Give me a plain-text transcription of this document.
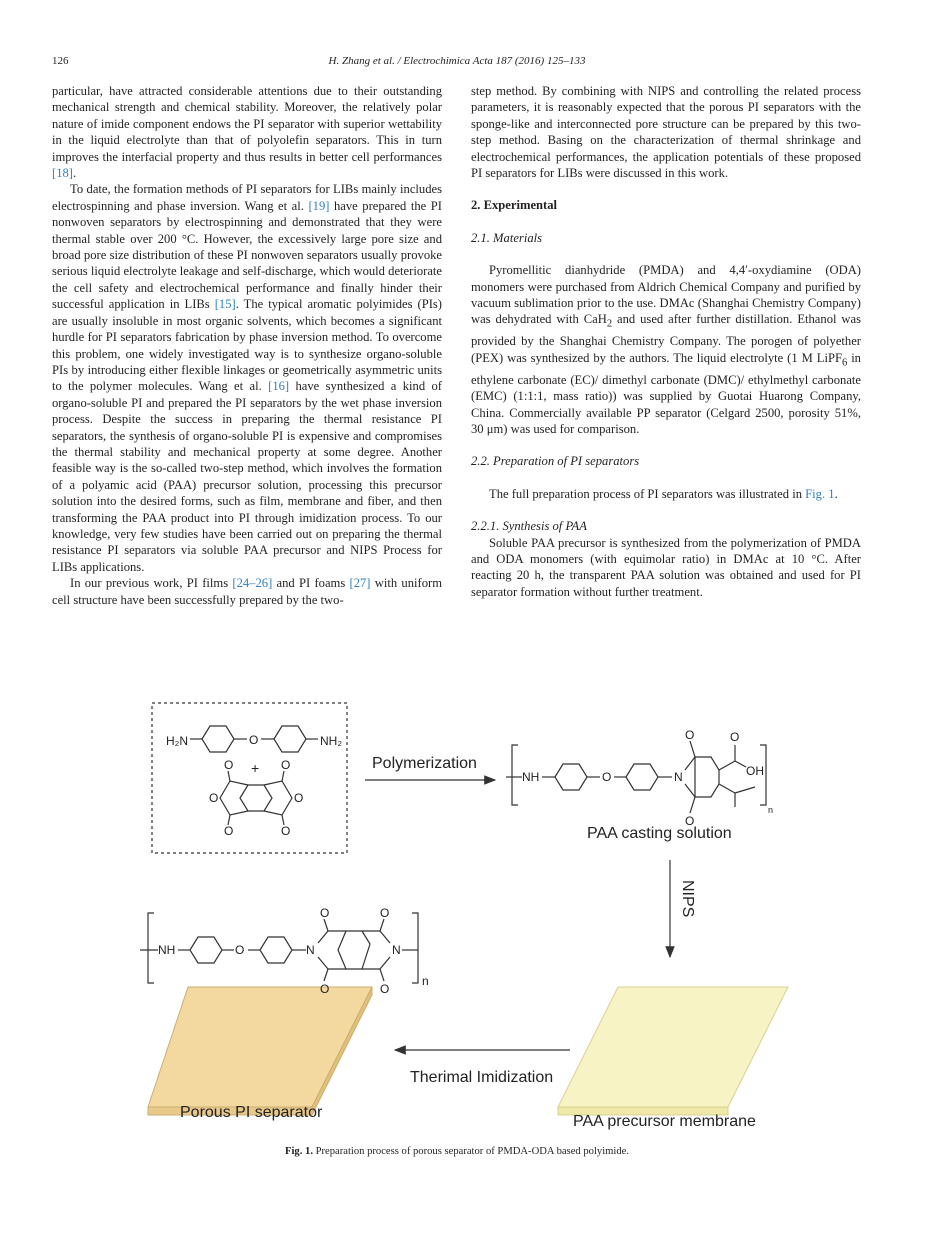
126	H. Zhang et al. / Electrochimica Acta 187 (2016) 125–133

particular, have attracted considerable attentions due to their outstanding mechanical strength and chemical stability. Moreover, the relatively polar nature of imide component endows the PI separator with superior wettability in the liquid electrolyte than that of polyolefin separators. This in turn improves the interfacial property and thus results in better cell performances [18].

To date, the formation methods of PI separators for LIBs mainly includes electrospinning and phase inversion. Wang et al. [19] have prepared the PI nonwoven separators by electrospinning and demonstrated that they were thermal stable over 200 °C. However, the excessively large pore size and broad pore size distribution of these PI nonwoven separators usually provoke serious liquid electrolyte leakage and self-discharge, which would deteriorate the cell safety and electrochemical performance and finally hinder their successful application in LIBs [15]. The typical aromatic polyimides (PIs) are usually insoluble in most organic solvents, which becomes a significant hurdle for PI separators fabrication by phase inversion method. To overcome this problem, one widely investigated way is to synthesize organo-soluble PIs by introducing either flexible linkages or geometrically asymmetric units to the polymer molecules. Wang et al. [16] have synthesized a kind of organo-soluble PI and prepared the PI separators by the wet phase inversion process. Despite the success in preparing the thermal resistance PI separators, the synthesis of organo-soluble PI is expensive and compromises the thermal stability and mechanical property at some degree. Another feasible way is the so-called two-step method, which involves the formation of a polyamic acid (PAA) precursor solution, processing this precursor solution into the desired forms, such as film, membrane and fiber, and then transforming the PAA product into PI through imidization process. To our knowledge, very few studies have been carried out on preparing the thermal resistance PI separators via soluble PAA precursor and NIPS Process for LIBs applications.

In our previous work, PI films [24–26] and PI foams [27] with uniform cell structure have been successfully prepared by the two-

step method. By combining with NIPS and controlling the related process parameters, it is reasonably expected that the porous PI separators with the sponge-like and interconnected pore structure can be prepared by this two-step method. Basing on the characterization of thermal shrinkage and electrochemical performances, the application potentials of these proposed PI separators for LIBs were discussed in this work.

2. Experimental

2.1. Materials

Pyromellitic dianhydride (PMDA) and 4,4′-oxydiamine (ODA) monomers were purchased from Aldrich Chemical Company and purified by vacuum sublimation prior to the use. DMAc (Shanghai Chemistry Company) was dehydrated with CaH$_2$ and used after further distillation. Ethanol was provided by the Shanghai Chemistry Company. The porogen of polyether (PEX) was synthesized by the authors. The liquid electrolyte (1 M LiPF$_6$ in ethylene carbonate (EC)/ dimethyl carbonate (DMC)/ ethylmethyl carbonate (EMC) (1:1:1, mass ratio)) was supplied by Guotai Huarong Company, China. Commercially available PP separator (Celgard 2500, porosity 51%, 30 μm) was used for comparison.

2.2. Preparation of PI separators

The full preparation process of PI separators was illustrated in Fig. 1.

2.2.1. Synthesis of PAA

Soluble PAA precursor is synthesized from the polymerization of PMDA and ODA monomers (with equimolar ratio) in DMAc at 10 °C. After reacting 20 h, the transparent PAA solution was obtained and used for PI separator formation without further treatment.

H₂N	O	NH₂
+
O	O
O	O
O	O
NH	O	N
O
O
O
OH
n
NH	O	N	N
O
O
O
O
n
Polymerization
PAA casting solution
NIPS
Therimal Imidization
Porous PI separator
PAA precursor membrane
Fig. 1. Preparation process of porous separator of PMDA-ODA based polyimide.
